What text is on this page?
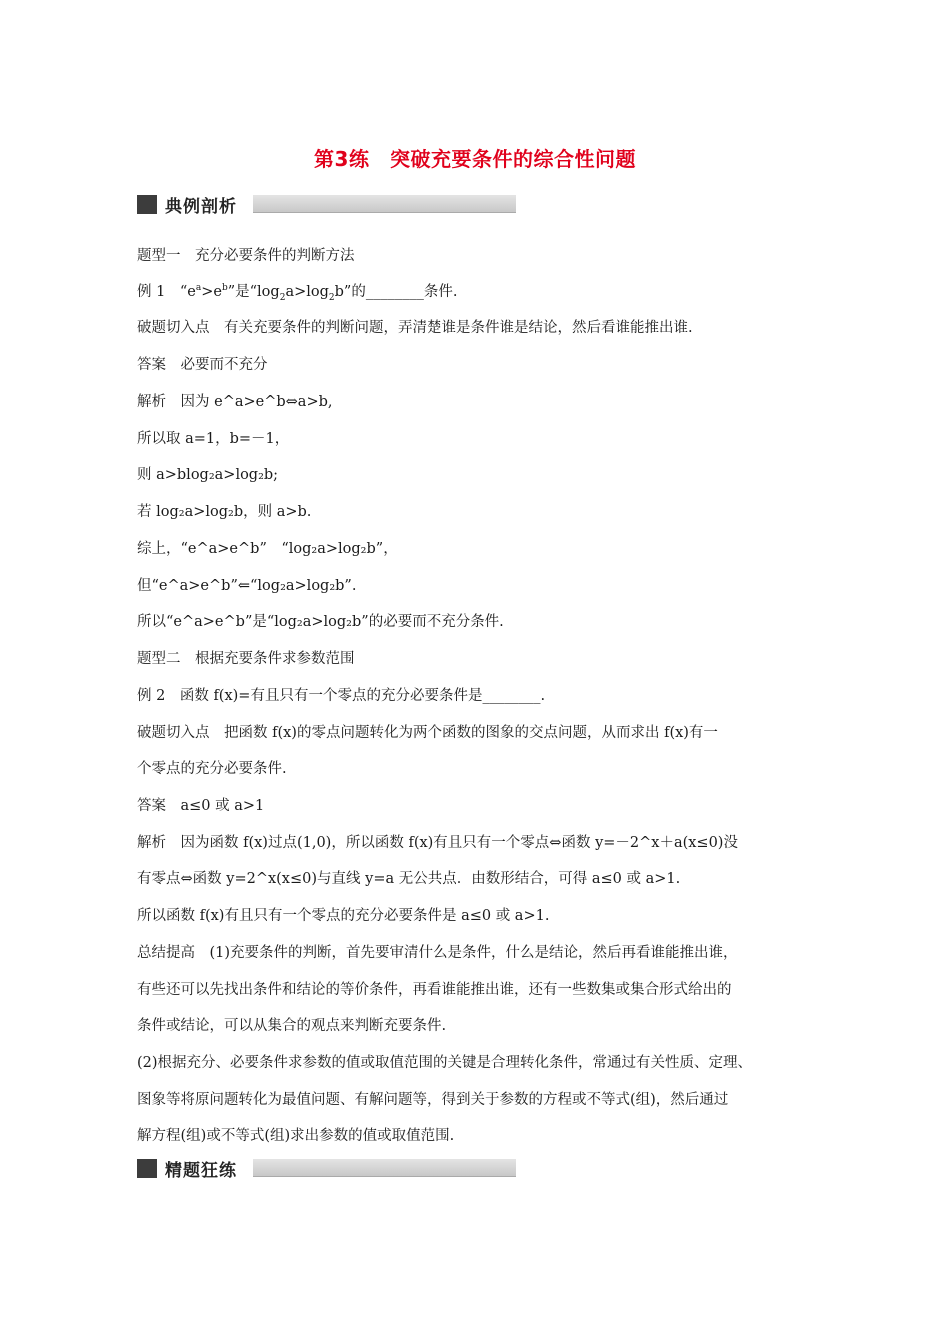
第3练　突破充要条件的综合性问题
典例剖析
题型一　充分必要条件的判断方法
例 1　“$e^a>e^b$”是“$\log_2a>\log_2b$”的________条件.
破题切入点　有关充要条件的判断问题，弄清楚谁是条件谁是结论，然后看谁能推出谁.
答案　必要而不充分
解析　因为 e^a>e^b⇔a>b,
所以取 a=1，b=－1，
则 a>blog₂a>log₂b;
若 log₂a>log₂b，则 a>b.
综上，“e^a>e^b”　“log₂a>log₂b”，
但“e^a>e^b”⇐“log₂a>log₂b”.
所以“e^a>e^b”是“log₂a>log₂b”的必要而不充分条件.
题型二　根据充要条件求参数范围
例 2　函数 f(x)=有且只有一个零点的充分必要条件是________.
破题切入点　把函数 f(x)的零点问题转化为两个函数的图象的交点问题，从而求出 f(x)有一
个零点的充分必要条件.
答案　a≤0 或 a>1
解析　因为函数 f(x)过点(1,0)，所以函数 f(x)有且只有一个零点⇔函数 y=－2^x＋a(x≤0)没
有零点⇔函数 y=2^x(x≤0)与直线 y=a 无公共点．由数形结合，可得 a≤0 或 a>1.
所以函数 f(x)有且只有一个零点的充分必要条件是 a≤0 或 a>1.
总结提高　(1)充要条件的判断，首先要审清什么是条件，什么是结论，然后再看谁能推出谁，
有些还可以先找出条件和结论的等价条件，再看谁能推出谁，还有一些数集或集合形式给出的
条件或结论，可以从集合的观点来判断充要条件.
(2)根据充分、必要条件求参数的值或取值范围的关键是合理转化条件，常通过有关性质、定理、
图象等将原问题转化为最值问题、有解问题等，得到关于参数的方程或不等式(组)，然后通过
解方程(组)或不等式(组)求出参数的值或取值范围.
精题狂练
